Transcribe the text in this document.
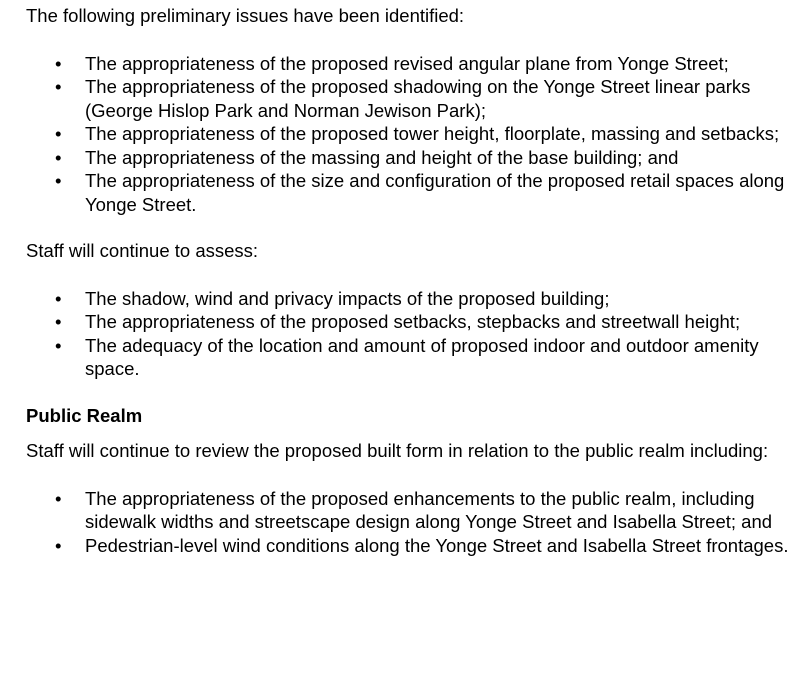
The following preliminary issues have been identified:

• The appropriateness of the proposed revised angular plane from Yonge Street;
• The appropriateness of the proposed shadowing on the Yonge Street linear parks (George Hislop Park and Norman Jewison Park);
• The appropriateness of the proposed tower height, floorplate, massing and setbacks;
• The appropriateness of the massing and height of the base building; and
• The appropriateness of the size and configuration of the proposed retail spaces along Yonge Street.

Staff will continue to assess:

• The shadow, wind and privacy impacts of the proposed building;
• The appropriateness of the proposed setbacks, stepbacks and streetwall height;
• The adequacy of the location and amount of proposed indoor and outdoor amenity space.

Public Realm

Staff will continue to review the proposed built form in relation to the public realm including:

• The appropriateness of the proposed enhancements to the public realm, including sidewalk widths and streetscape design along Yonge Street and Isabella Street; and
• Pedestrian-level wind conditions along the Yonge Street and Isabella Street frontages.
